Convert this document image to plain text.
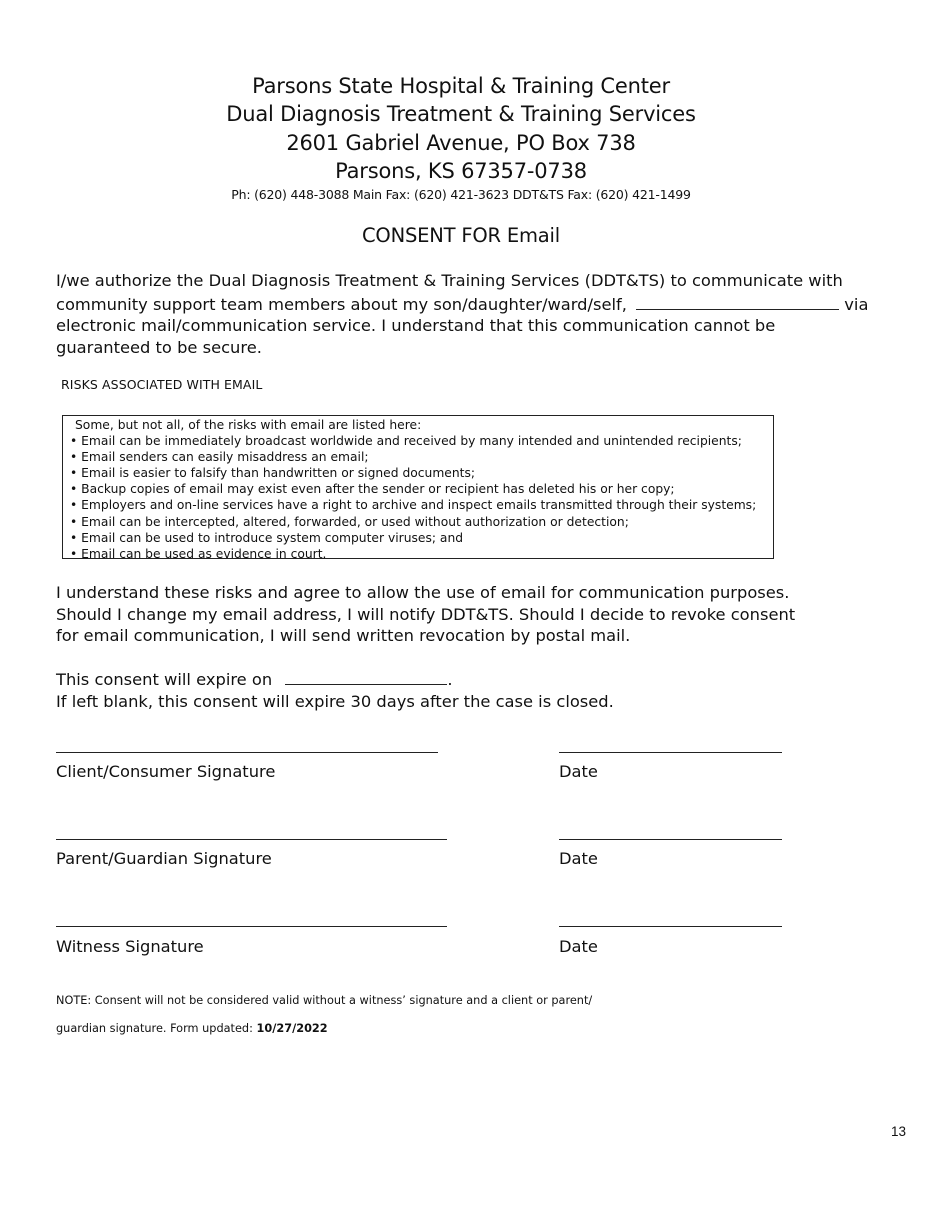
Parsons State Hospital & Training Center
Dual Diagnosis Treatment & Training Services
2601 Gabriel Avenue, PO Box 738
Parsons, KS 67357-0738
Ph: (620) 448-3088 Main Fax: (620) 421-3623 DDT&TS Fax: (620) 421-1499
CONSENT FOR Email
I/we authorize the Dual Diagnosis Treatment & Training Services (DDT&TS) to communicate with
community support team members about my son/daughter/ward/self,	via
electronic mail/communication service. I understand that this communication cannot be
guaranteed to be secure.
RISKS ASSOCIATED WITH EMAIL
Some, but not all, of the risks with email are listed here:
• Email can be immediately broadcast worldwide and received by many intended and unintended recipients;
• Email senders can easily misaddress an email;
• Email is easier to falsify than handwritten or signed documents;
• Backup copies of email may exist even after the sender or recipient has deleted his or her copy;
• Employers and on-line services have a right to archive and inspect emails transmitted through their systems;
• Email can be intercepted, altered, forwarded, or used without authorization or detection;
• Email can be used to introduce system computer viruses; and
• Email can be used as evidence in court.
I understand these risks and agree to allow the use of email for communication purposes.
Should I change my email address, I will notify DDT&TS. Should I decide to revoke consent
for email communication, I will send written revocation by postal mail.
This consent will expire on	.
If left blank, this consent will expire 30 days after the case is closed.
Client/Consumer Signature	Date
Parent/Guardian Signature	Date
Witness Signature	Date
NOTE: Consent will not be considered valid without a witness’ signature and a client or parent/
guardian signature. Form updated: 10/27/2022
13
